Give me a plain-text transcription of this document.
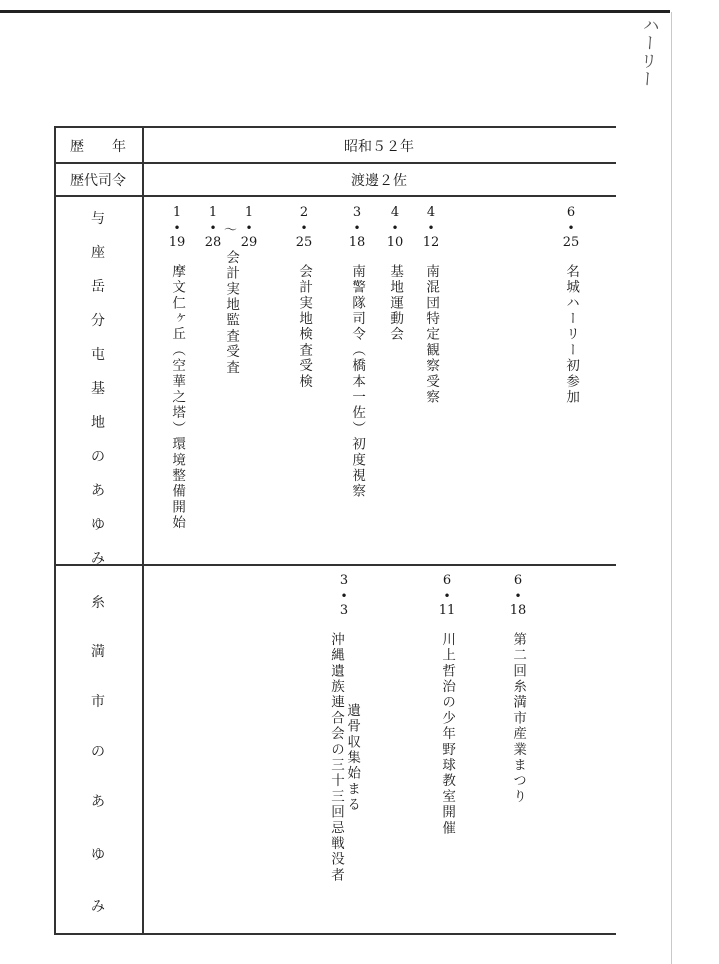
ハーリー
歴　　年	昭和５２年
歴代司令	渡邊２佐
与
座
岳
分
屯
基
地
の
あ
ゆ
み
1
•
19
摩文仁ヶ丘（空華之塔）環境整備開始
1
•
28
〜
1
•
29
会計実地監査受査
2
•
25
会計実地検査受検
3
•
18
南警隊司令（橋本一佐）初度視察
4
•
10
基地運動会
4
•
12
南混団特定観察受察
6
•
25
名城ハーリー初参加
糸
満
市
の
あ
ゆ
み
3
•
3
遺骨収集始まる
沖縄遺族連合会の三十三回忌戦没者
6
•
11
川上哲治の少年野球教室開催
6
•
18
第二回糸満市産業まつり
